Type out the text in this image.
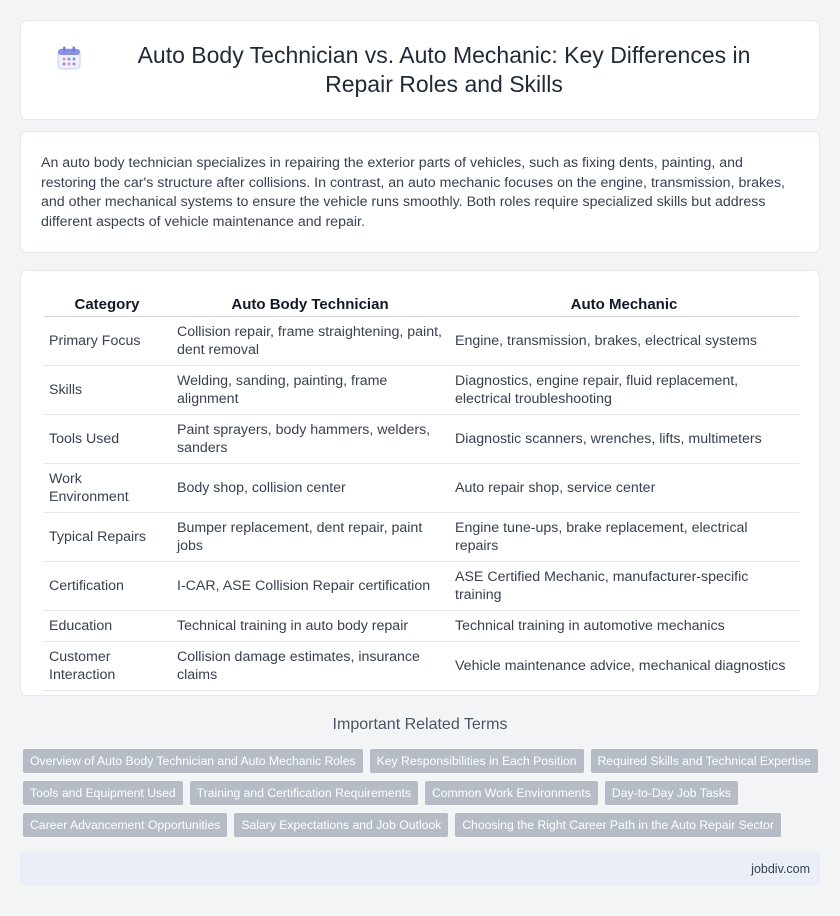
Auto Body Technician vs. Auto Mechanic: Key Differences in Repair Roles and Skills

An auto body technician specializes in repairing the exterior parts of vehicles, such as fixing dents, painting, and restoring the car's structure after collisions. In contrast, an auto mechanic focuses on the engine, transmission, brakes, and other mechanical systems to ensure the vehicle runs smoothly. Both roles require specialized skills but address different aspects of vehicle maintenance and repair.

Category	Auto Body Technician	Auto Mechanic
Primary Focus	Collision repair, frame straightening, paint, dent removal	Engine, transmission, brakes, electrical systems
Skills	Welding, sanding, painting, frame alignment	Diagnostics, engine repair, fluid replacement, electrical troubleshooting
Tools Used	Paint sprayers, body hammers, welders, sanders	Diagnostic scanners, wrenches, lifts, multimeters
Work Environment	Body shop, collision center	Auto repair shop, service center
Typical Repairs	Bumper replacement, dent repair, paint jobs	Engine tune-ups, brake replacement, electrical repairs
Certification	I-CAR, ASE Collision Repair certification	ASE Certified Mechanic, manufacturer-specific training
Education	Technical training in auto body repair	Technical training in automotive mechanics
Customer Interaction	Collision damage estimates, insurance claims	Vehicle maintenance advice, mechanical diagnostics
Important Related Terms
Overview of Auto Body Technician and Auto Mechanic Roles	Key Responsibilities in Each Position	Required Skills and Technical Expertise
Tools and Equipment Used	Training and Certification Requirements	Common Work Environments	Day-to-Day Job Tasks
Career Advancement Opportunities	Salary Expectations and Job Outlook	Choosing the Right Career Path in the Auto Repair Sector
jobdiv.com
